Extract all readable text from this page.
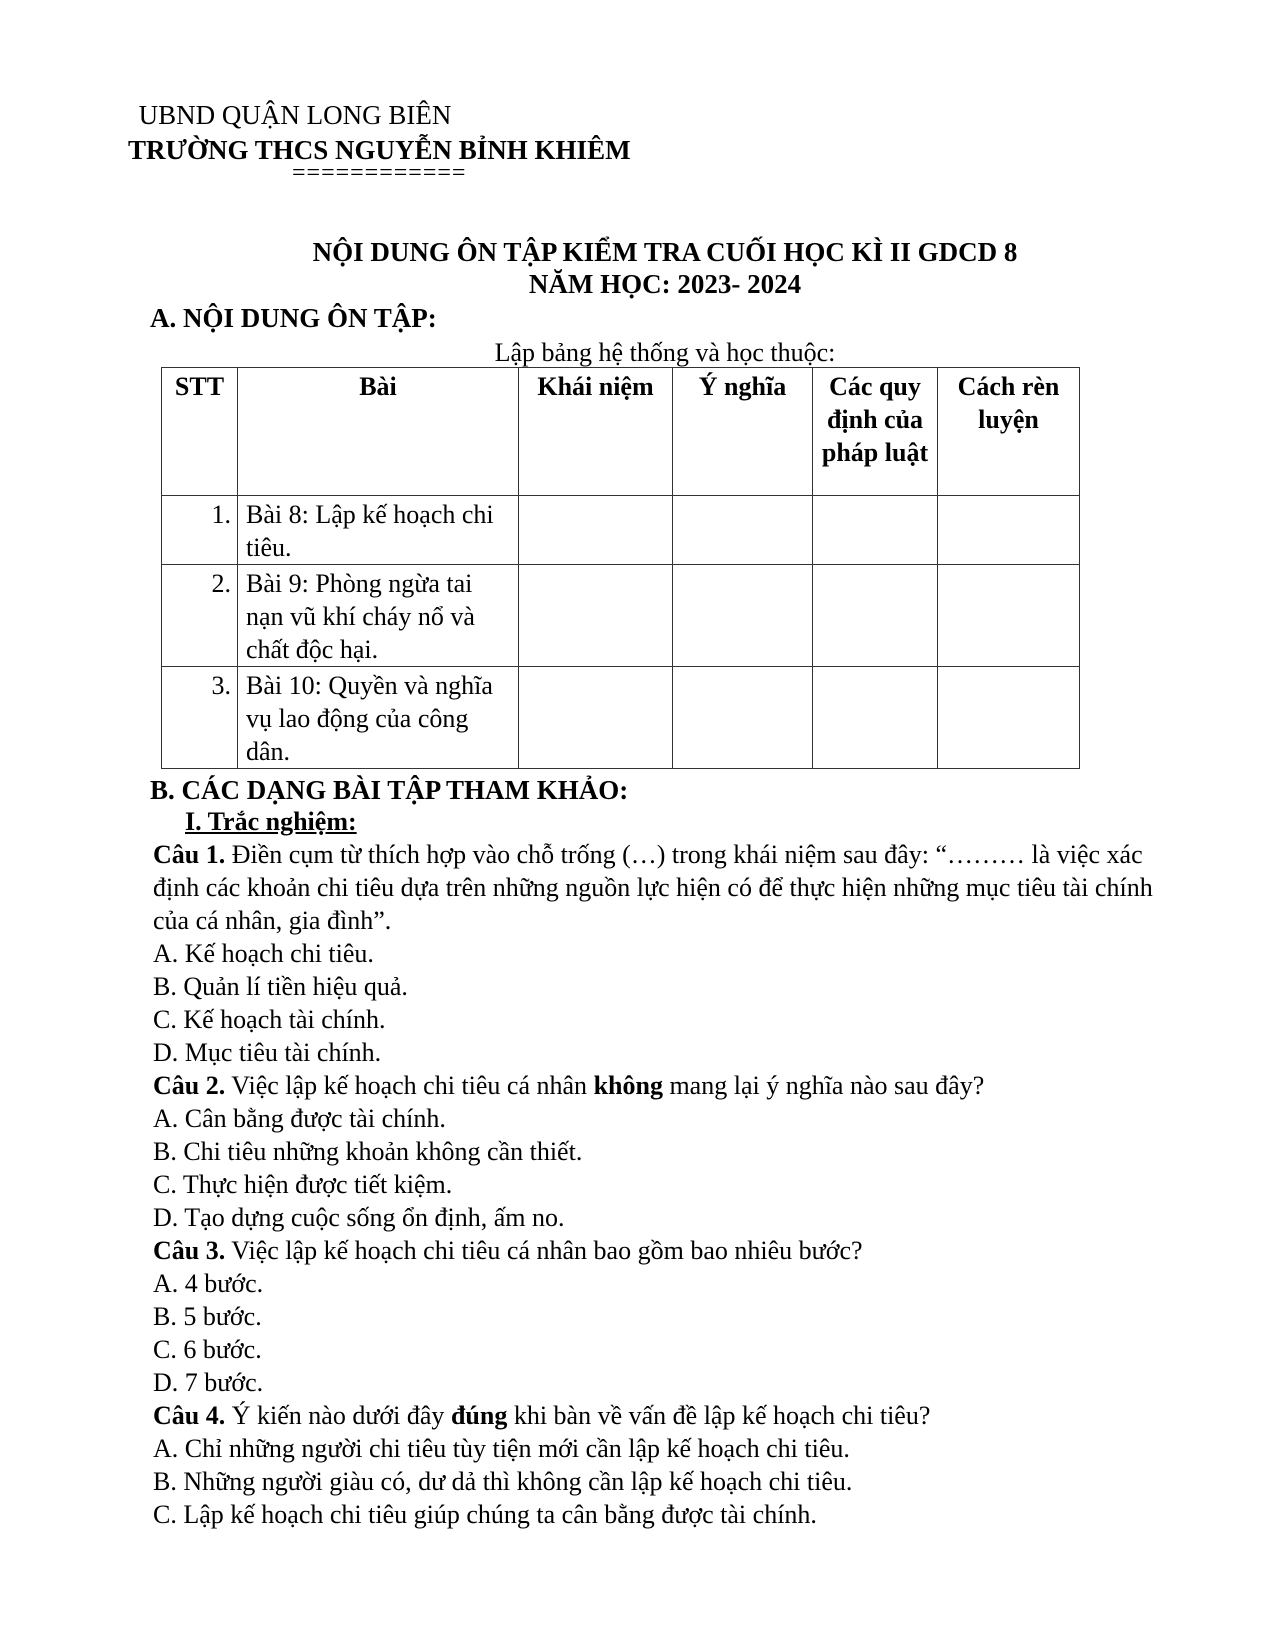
UBND QUẬN LONG BIÊN
TRƯỜNG THCS NGUYỄN BỈNH KHIÊM
============
NỘI DUNG ÔN TẬP KIỂM TRA CUỐI HỌC KÌ II GDCD 8
NĂM HỌC: 2023- 2024
A. NỘI DUNG ÔN TẬP:
Lập bảng hệ thống và học thuộc:
STT	Bài	Khái niệm	Ý nghĩa	Các quy định của pháp luật	Cách rèn luyện
1.	Bài 8: Lập kế hoạch chi tiêu.				
2.	Bài 9: Phòng ngừa tai nạn vũ khí cháy nổ và chất độc hại.				
3.	Bài 10: Quyền và nghĩa vụ lao động của công dân.				
B. CÁC DẠNG BÀI TẬP THAM KHẢO:
I. Trắc nghiệm:

Câu 1. Điền cụm từ thích hợp vào chỗ trống (…) trong khái niệm sau đây: “……… là việc xác định các khoản chi tiêu dựa trên những nguồn lực hiện có để thực hiện những mục tiêu tài chính của cá nhân, gia đình”.

A. Kế hoạch chi tiêu.

B. Quản lí tiền hiệu quả.

C. Kế hoạch tài chính.

D. Mục tiêu tài chính.

Câu 2. Việc lập kế hoạch chi tiêu cá nhân không mang lại ý nghĩa nào sau đây?

A. Cân bằng được tài chính.

B. Chi tiêu những khoản không cần thiết.

C. Thực hiện được tiết kiệm.

D. Tạo dựng cuộc sống ổn định, ấm no.

Câu 3. Việc lập kế hoạch chi tiêu cá nhân bao gồm bao nhiêu bước?

A. 4 bước.

B. 5 bước.

C. 6 bước.

D. 7 bước.

Câu 4. Ý kiến nào dưới đây đúng khi bàn về vấn đề lập kế hoạch chi tiêu?

A. Chỉ những người chi tiêu tùy tiện mới cần lập kế hoạch chi tiêu.

B. Những người giàu có, dư dả thì không cần lập kế hoạch chi tiêu.

C. Lập kế hoạch chi tiêu giúp chúng ta cân bằng được tài chính.
